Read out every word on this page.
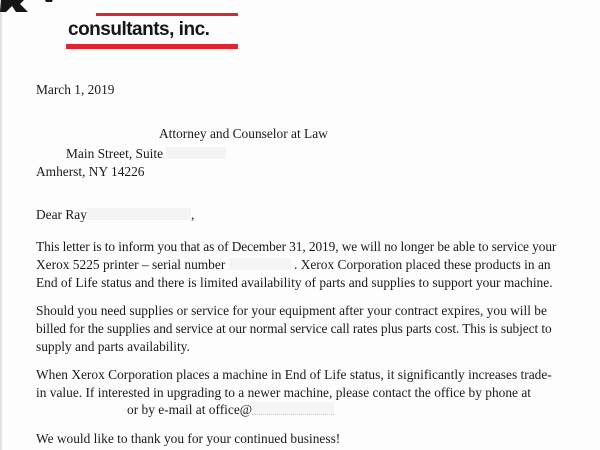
consultants, inc.
March 1, 2019
Attorney and Counselor at Law
Main Street, Suite
Amherst, NY 14226
Dear Ray	,
This letter is to inform you that as of December 31, 2019, we will no longer be able to service your
Xerox 5225 printer – serial number	. Xerox Corporation placed these products in an
End of Life status and there is limited availability of parts and supplies to support your machine.
Should you need supplies or service for your equipment after your contract expires, you will be
billed for the supplies and service at our normal service call rates plus parts cost. This is subject to
supply and parts availability.
When Xerox Corporation places a machine in End of Life status, it significantly increases trade-
in value. If interested in upgrading to a newer machine, please contact the office by phone at
or by e-mail at office@
We would like to thank you for your continued business!
